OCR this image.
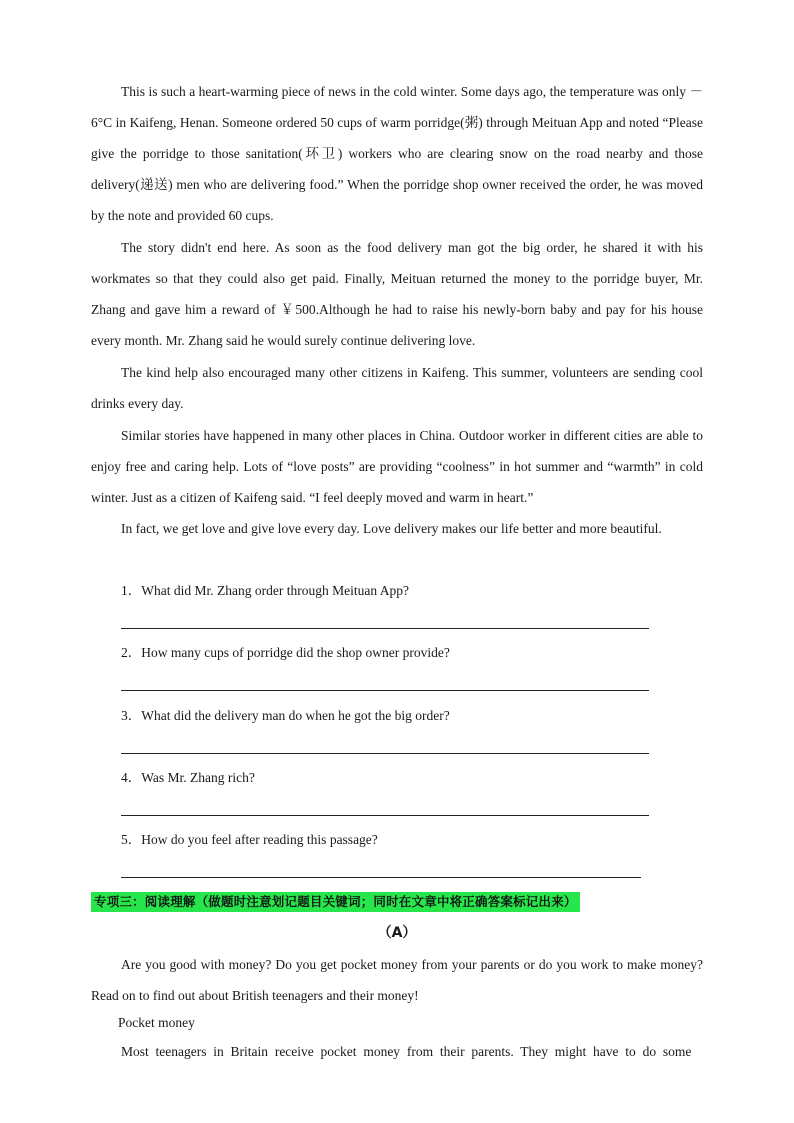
This is such a heart-warming piece of news in the cold winter. Some days ago, the temperature was only －6°C in Kaifeng, Henan. Someone ordered 50 cups of warm porridge(粥) through Meituan App and noted “Please give the porridge to those sanitation(环卫) workers who are clearing snow on the road nearby and those delivery(递送) men who are delivering food.” When the porridge shop owner received the order, he was moved by the note and provided 60 cups.

The story didn't end here. As soon as the food delivery man got the big order, he shared it with his workmates so that they could also get paid. Finally, Meituan returned the money to the porridge buyer, Mr. Zhang and gave him a reward of ￥500.Although he had to raise his newly-born baby and pay for his house every month. Mr. Zhang said he would surely continue delivering love.

The kind help also encouraged many other citizens in Kaifeng. This summer, volunteers are sending cool drinks every day.

Similar stories have happened in many other places in China. Outdoor worker in different cities are able to enjoy free and caring help. Lots of “love posts” are providing “coolness” in hot summer and “warmth” in cold winter. Just as a citizen of Kaifeng said. “I feel deeply moved and warm in heart.”

In fact, we get love and give love every day. Love delivery makes our life better and more beautiful.

1．What did Mr. Zhang order through Meituan App?

2．How many cups of porridge did the shop owner provide?

3．What did the delivery man do when he got the big order?

4．Was Mr. Zhang rich?

5．How do you feel after reading this passage?

专项三：阅读理解（做题时注意划记题目关键词；同时在文章中将正确答案标记出来）
（A）

Are you good with money? Do you get pocket money from your parents or do you work to make money? Read on to find out about British teenagers and their money!

Pocket money

Most teenagers in Britain receive pocket money from their parents. They might have to do some
